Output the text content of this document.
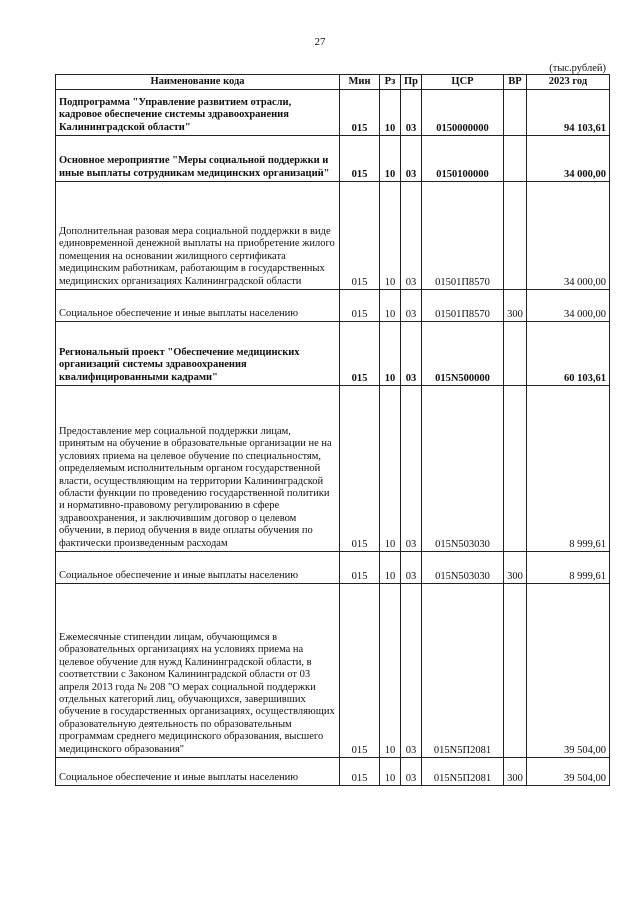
27
(тыс.рублей)
Наименование кода	Мин	Рз	Пр	ЦСР	ВР	2023 год
Подпрограмма "Управление развитием отрасли, кадровое обеспечение системы здравоохранения Калининградской области"	015	10	03	0150000000		94 103,61
Основное мероприятие "Меры социальной поддержки и иные выплаты сотрудникам медицинских организаций"	015	10	03	0150100000		34 000,00
Дополнительная разовая мера социальной поддержки в виде единовременной денежной выплаты на приобретение жилого помещения на основании жилищного сертификата медицинским работникам, работающим в государственных медицинских организациях Калининградской области	015	10	03	01501П8570		34 000,00
Социальное обеспечение и иные выплаты населению	015	10	03	01501П8570	300	34 000,00
Региональный проект "Обеспечение медицинских организаций системы здравоохранения квалифицированными кадрами"	015	10	03	015N500000		60 103,61
Предоставление мер социальной поддержки лицам, принятым на обучение в образовательные организации не на условиях приема на целевое обучение по специальностям, определяемым исполнительным органом государственной власти, осуществляющим на территории Калининградской области функции по проведению государственной политики и нормативно-правовому регулированию в сфере здравоохранения, и заключившим договор о целевом обучении, в период обучения в виде оплаты обучения по фактически произведенным расходам	015	10	03	015N503030		8 999,61
Социальное обеспечение и иные выплаты населению	015	10	03	015N503030	300	8 999,61
Ежемесячные стипендии лицам, обучающимся в образовательных организациях на условиях приема на целевое обучение для нужд Калининградской области, в соответствии с Законом Калининградской области от 03 апреля 2013 года № 208 "О мерах социальной поддержки отдельных категорий лиц, обучающихся, завершивших обучение в государственных организациях, осуществляющих образовательную деятельность по образовательным программам среднего медицинского образования, высшего медицинского образования"	015	10	03	015N5П2081		39 504,00
Социальное обеспечение и иные выплаты населению	015	10	03	015N5П2081	300	39 504,00
